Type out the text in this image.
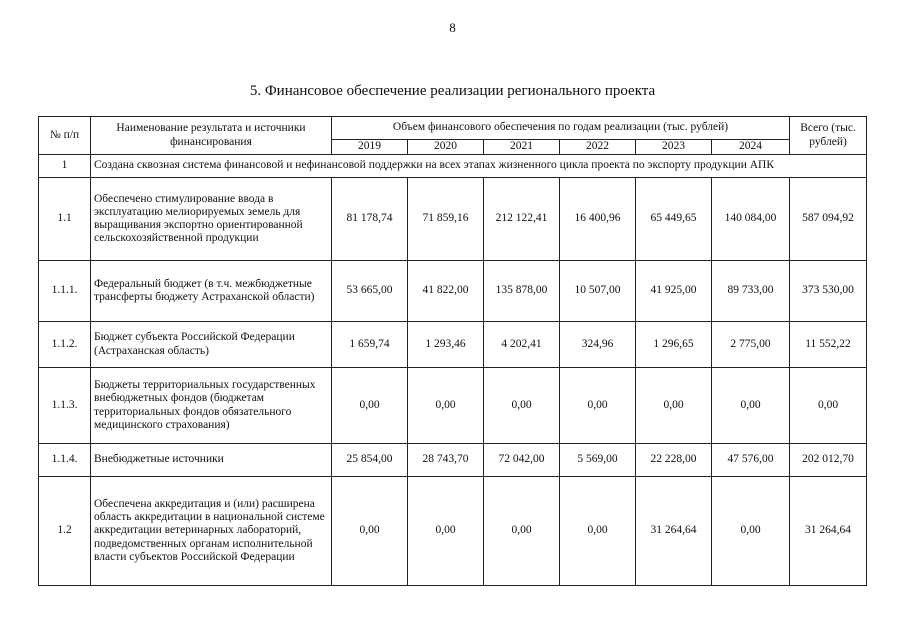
8
5. Финансовое обеспечение реализации регионального проекта
№ п/п	Наименование результата и источники финансирования	Объем финансового обеспечения по годам реализации (тыс. рублей)						Всего (тыс. рублей)
		2019	2020	2021	2022	2023	2024	
1	Создана сквозная система финансовой и нефинансовой поддержки на всех этапах жизненного цикла проекта по экспорту продукции АПК							
1.1	Обеспечено стимулирование ввода в эксплуатацию мелиорируемых земель для выращивания экспортно ориентированной сельскохозяйственной продукции	81 178,74	71 859,16	212 122,41	16 400,96	65 449,65	140 084,00	587 094,92
1.1.1.	Федеральный бюджет (в т.ч. межбюджетные трансферты бюджету Астраханской области)	53 665,00	41 822,00	135 878,00	10 507,00	41 925,00	89 733,00	373 530,00
1.1.2.	Бюджет субъекта Российской Федерации (Астраханская область)	1 659,74	1 293,46	4 202,41	324,96	1 296,65	2 775,00	11 552,22
1.1.3.	Бюджеты территориальных государственных внебюджетных фондов (бюджетам территориальных фондов обязательного медицинского страхования)	0,00	0,00	0,00	0,00	0,00	0,00	0,00
1.1.4.	Внебюджетные источники	25 854,00	28 743,70	72 042,00	5 569,00	22 228,00	47 576,00	202 012,70
1.2	Обеспечена аккредитация и (или) расширена область аккредитации в национальной системе аккредитации ветеринарных лабораторий, подведомственных органам исполнительной власти субъектов Российской Федерации	0,00	0,00	0,00	0,00	31 264,64	0,00	31 264,64
